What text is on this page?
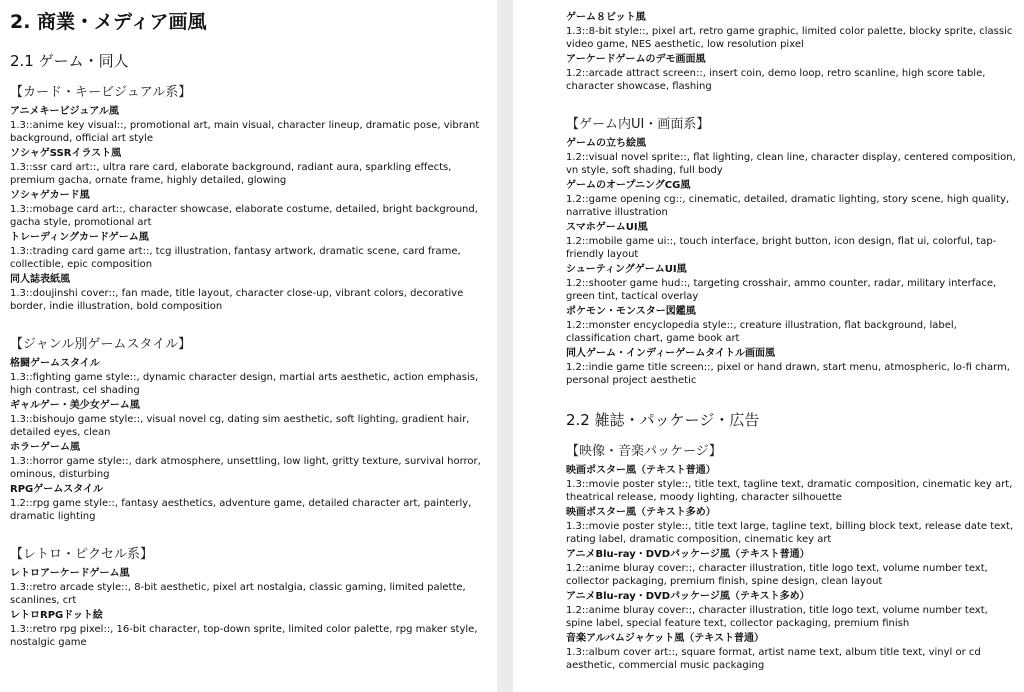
2. 商業・メディア画風
2.1 ゲーム・同人
【カード・キービジュアル系】
アニメキービジュアル風
1.3::anime key visual::, promotional art, main visual, character lineup, dramatic pose, vibrant background, official art style
ソシャゲSSRイラスト風
1.3::ssr card art::, ultra rare card, elaborate background, radiant aura, sparkling effects, premium gacha, ornate frame, highly detailed, glowing
ソシャゲカード風
1.3::mobage card art::, character showcase, elaborate costume, detailed, bright background, gacha style, promotional art
トレーディングカードゲーム風
1.3::trading card game art::, tcg illustration, fantasy artwork, dramatic scene, card frame, collectible, epic composition
同人誌表紙風
1.3::doujinshi cover::, fan made, title layout, character close-up, vibrant colors, decorative border, indie illustration, bold composition
【ジャンル別ゲームスタイル】
格闘ゲームスタイル
1.3::fighting game style::, dynamic character design, martial arts aesthetic, action emphasis, high contrast, cel shading
ギャルゲー・美少女ゲーム風
1.3::bishoujo game style::, visual novel cg, dating sim aesthetic, soft lighting, gradient hair, detailed eyes, clean
ホラーゲーム風
1.3::horror game style::, dark atmosphere, unsettling, low light, gritty texture, survival horror, ominous, disturbing
RPGゲームスタイル
1.2::rpg game style::, fantasy aesthetics, adventure game, detailed character art, painterly, dramatic lighting
【レトロ・ピクセル系】
レトロアーケードゲーム風
1.3::retro arcade style::, 8-bit aesthetic, pixel art nostalgia, classic gaming, limited palette, scanlines, crt
レトロRPGドット絵
1.3::retro rpg pixel::, 16-bit character, top-down sprite, limited color palette, rpg maker style, nostalgic game
ゲーム８ビット風
1.3::8-bit style::, pixel art, retro game graphic, limited color palette, blocky sprite, classic video game, NES aesthetic, low resolution pixel
アーケードゲームのデモ画面風
1.2::arcade attract screen::, insert coin, demo loop, retro scanline, high score table, character showcase, flashing
【ゲーム内UI・画面系】
ゲームの立ち絵風
1.2::visual novel sprite::, flat lighting, clean line, character display, centered composition, vn style, soft shading, full body
ゲームのオープニングCG風
1.2::game opening cg::, cinematic, detailed, dramatic lighting, story scene, high quality, narrative illustration
スマホゲームUI風
1.2::mobile game ui::, touch interface, bright button, icon design, flat ui, colorful, tap-friendly layout
シューティングゲームUI風
1.2::shooter game hud::, targeting crosshair, ammo counter, radar, military interface, green tint, tactical overlay
ポケモン・モンスター図鑑風
1.2::monster encyclopedia style::, creature illustration, flat background, label, classification chart, game book art
同人ゲーム・インディーゲームタイトル画面風
1.2::indie game title screen::, pixel or hand drawn, start menu, atmospheric, lo-fi charm, personal project aesthetic
2.2 雑誌・パッケージ・広告
【映像・音楽パッケージ】
映画ポスター風（テキスト普通）
1.3::movie poster style::, title text, tagline text, dramatic composition, cinematic key art, theatrical release, moody lighting, character silhouette
映画ポスター風（テキスト多め）
1.3::movie poster style::, title text large, tagline text, billing block text, release date text, rating label, dramatic composition, cinematic key art
アニメBlu-ray・DVDパッケージ風（テキスト普通）
1.2::anime bluray cover::, character illustration, title logo text, volume number text, collector packaging, premium finish, spine design, clean layout
アニメBlu-ray・DVDパッケージ風（テキスト多め）
1.2::anime bluray cover::, character illustration, title logo text, volume number text, spine label, special feature text, collector packaging, premium finish
音楽アルバムジャケット風（テキスト普通）
1.3::album cover art::, square format, artist name text, album title text, vinyl or cd aesthetic, commercial music packaging
